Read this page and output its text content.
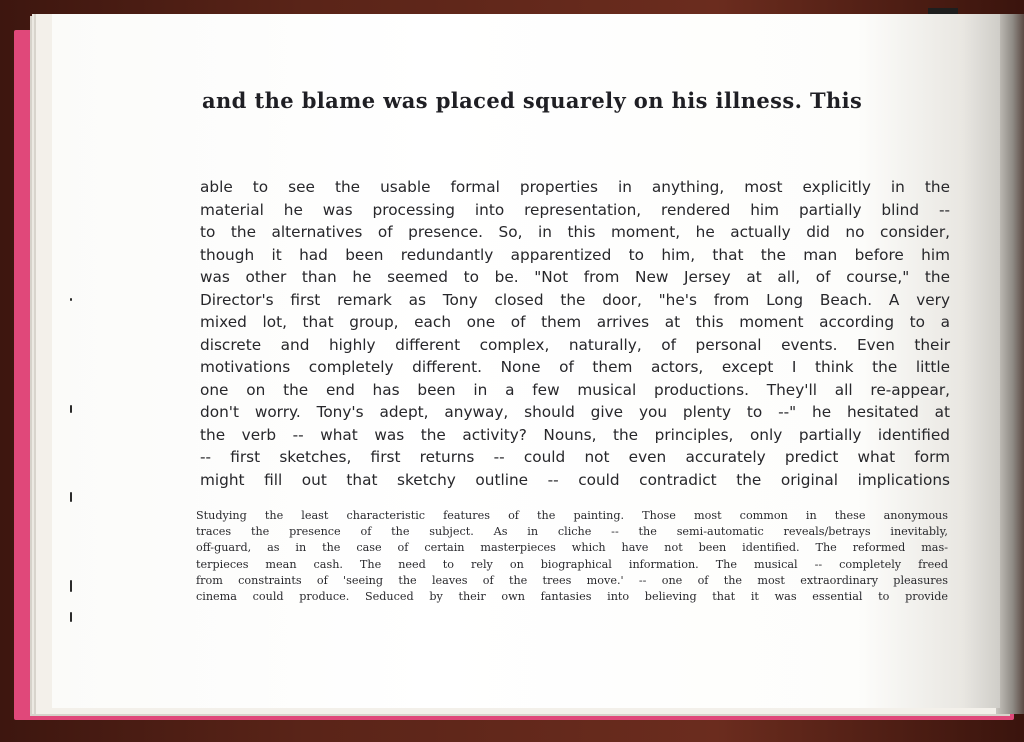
and the blame was placed squarely on his illness. This
able to see the usable formal properties in anything, most explicitly in the
material he was processing into representation, rendered him partially blind --
to the alternatives of presence. So, in this moment, he actually did no consider,
though it had been redundantly apparentized to him, that the man before him
was other than he seemed to be. "Not from New Jersey at all, of course," the
Director's first remark as Tony closed the door, "he's from Long Beach. A very
mixed lot, that group, each one of them arrives at this moment according to a
discrete and highly different complex, naturally, of personal events. Even their
motivations completely different. None of them actors, except I think the little
one on the end has been in a few musical productions. They'll all re-appear,
don't worry. Tony's adept, anyway, should give you plenty to --" he hesitated at
the verb -- what was the activity? Nouns, the principles, only partially identified
-- first sketches, first returns -- could not even accurately predict what form
might fill out that sketchy outline -- could contradict the original implications
Studying the least characteristic features of the painting. Those most common in these anonymous
traces the presence of the subject. As in cliche -- the semi-automatic reveals/betrays inevitably,
off-guard, as in the case of certain masterpieces which have not been identified. The reformed mas-
terpieces mean cash. The need to rely on biographical information. The musical -- completely freed
from constraints of 'seeing the leaves of the trees move.' -- one of the most extraordinary pleasures
cinema could produce. Seduced by their own fantasies into believing that it was essential to provide
